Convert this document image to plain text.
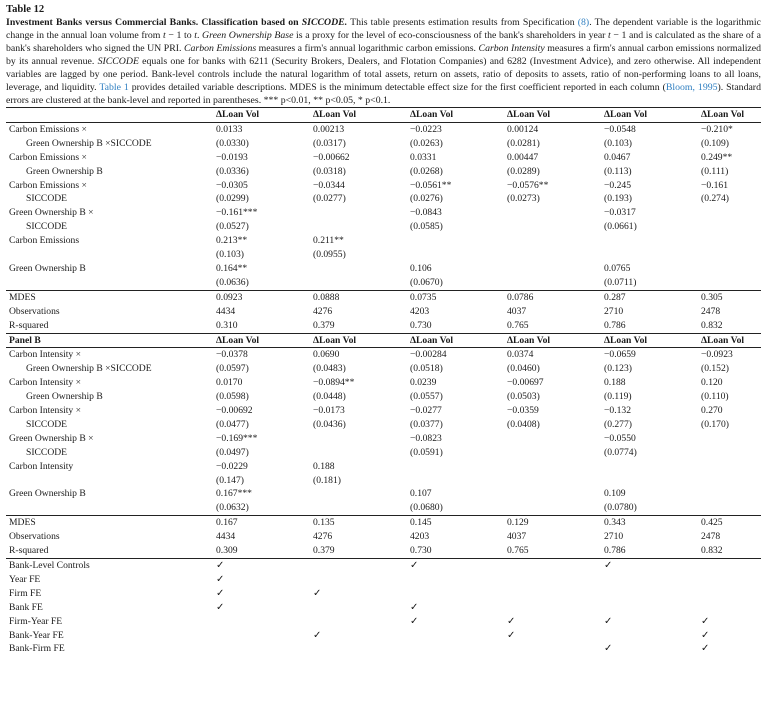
Table 12

Investment Banks versus Commercial Banks. Classification based on SICCODE. This table presents estimation results from Specification (8). The dependent variable is the logarithmic change in the annual loan volume from t − 1 to t. Green Ownership Base is a proxy for the level of eco-consciousness of the bank's shareholders in year t − 1 and is calculated as the share of a bank's shareholders who signed the UN PRI. Carbon Emissions measures a firm's annual logarithmic carbon emissions. Carbon Intensity measures a firm's annual carbon emissions normalized by its annual revenue. SICCODE equals one for banks with 6211 (Security Brokers, Dealers, and Flotation Companies) and 6282 (Investment Advice), and zero otherwise. All independent variables are lagged by one period. Bank-level controls include the natural logarithm of total assets, return on assets, ratio of deposits to assets, ratio of non-performing loans to all loans, leverage, and liquidity. Table 1 provides detailed variable descriptions. MDES is the minimum detectable effect size for the first coefficient reported in each column (Bloom, 1995). Standard errors are clustered at the bank-level and reported in parentheses. *** p<0.01, ** p<0.05, * p<0.1.

	ΔLoan Vol	ΔLoan Vol	ΔLoan Vol	ΔLoan Vol	ΔLoan Vol	ΔLoan Vol
Carbon Emissions ×	0.0133	0.00213	−0.0223	0.00124	−0.0548	−0.210*
Green Ownership B ×SICCODE	(0.0330)	(0.0317)	(0.0263)	(0.0281)	(0.103)	(0.109)
Carbon Emissions ×	−0.0193	−0.00662	0.0331	0.00447	0.0467	0.249**
Green Ownership B	(0.0336)	(0.0318)	(0.0268)	(0.0289)	(0.113)	(0.111)
Carbon Emissions ×	−0.0305	−0.0344	−0.0561**	−0.0576**	−0.245	−0.161
SICCODE	(0.0299)	(0.0277)	(0.0276)	(0.0273)	(0.193)	(0.274)
Green Ownership B ×	−0.161***		−0.0843		−0.0317	
SICCODE	(0.0527)		(0.0585)		(0.0661)	
Carbon Emissions	0.213**	0.211**				
	(0.103)	(0.0955)				
Green Ownership B	0.164**		0.106		0.0765	
	(0.0636)		(0.0670)		(0.0711)	
MDES	0.0923	0.0888	0.0735	0.0786	0.287	0.305
Observations	4434	4276	4203	4037	2710	2478
R-squared	0.310	0.379	0.730	0.765	0.786	0.832
Panel B	ΔLoan Vol	ΔLoan Vol	ΔLoan Vol	ΔLoan Vol	ΔLoan Vol	ΔLoan Vol
Carbon Intensity ×	−0.0378	0.0690	−0.00284	0.0374	−0.0659	−0.0923
Green Ownership B ×SICCODE	(0.0597)	(0.0483)	(0.0518)	(0.0460)	(0.123)	(0.152)
Carbon Intensity ×	0.0170	−0.0894**	0.0239	−0.00697	0.188	0.120
Green Ownership B	(0.0598)	(0.0448)	(0.0557)	(0.0503)	(0.119)	(0.110)
Carbon Intensity ×	−0.00692	−0.0173	−0.0277	−0.0359	−0.132	0.270
SICCODE	(0.0477)	(0.0436)	(0.0377)	(0.0408)	(0.277)	(0.170)
Green Ownership B ×	−0.169***		−0.0823		−0.0550	
SICCODE	(0.0497)		(0.0591)		(0.0774)	
Carbon Intensity	−0.0229	0.188				
	(0.147)	(0.181)				
Green Ownership B	0.167***		0.107		0.109	
	(0.0632)		(0.0680)		(0.0780)	
MDES	0.167	0.135	0.145	0.129	0.343	0.425
Observations	4434	4276	4203	4037	2710	2478
R-squared	0.309	0.379	0.730	0.765	0.786	0.832
Bank-Level Controls	✓		✓		✓	
Year FE	✓					
Firm FE	✓	✓				
Bank FE	✓		✓			
Firm-Year FE			✓	✓	✓	✓
Bank-Year FE		✓		✓		✓
Bank-Firm FE					✓	✓
